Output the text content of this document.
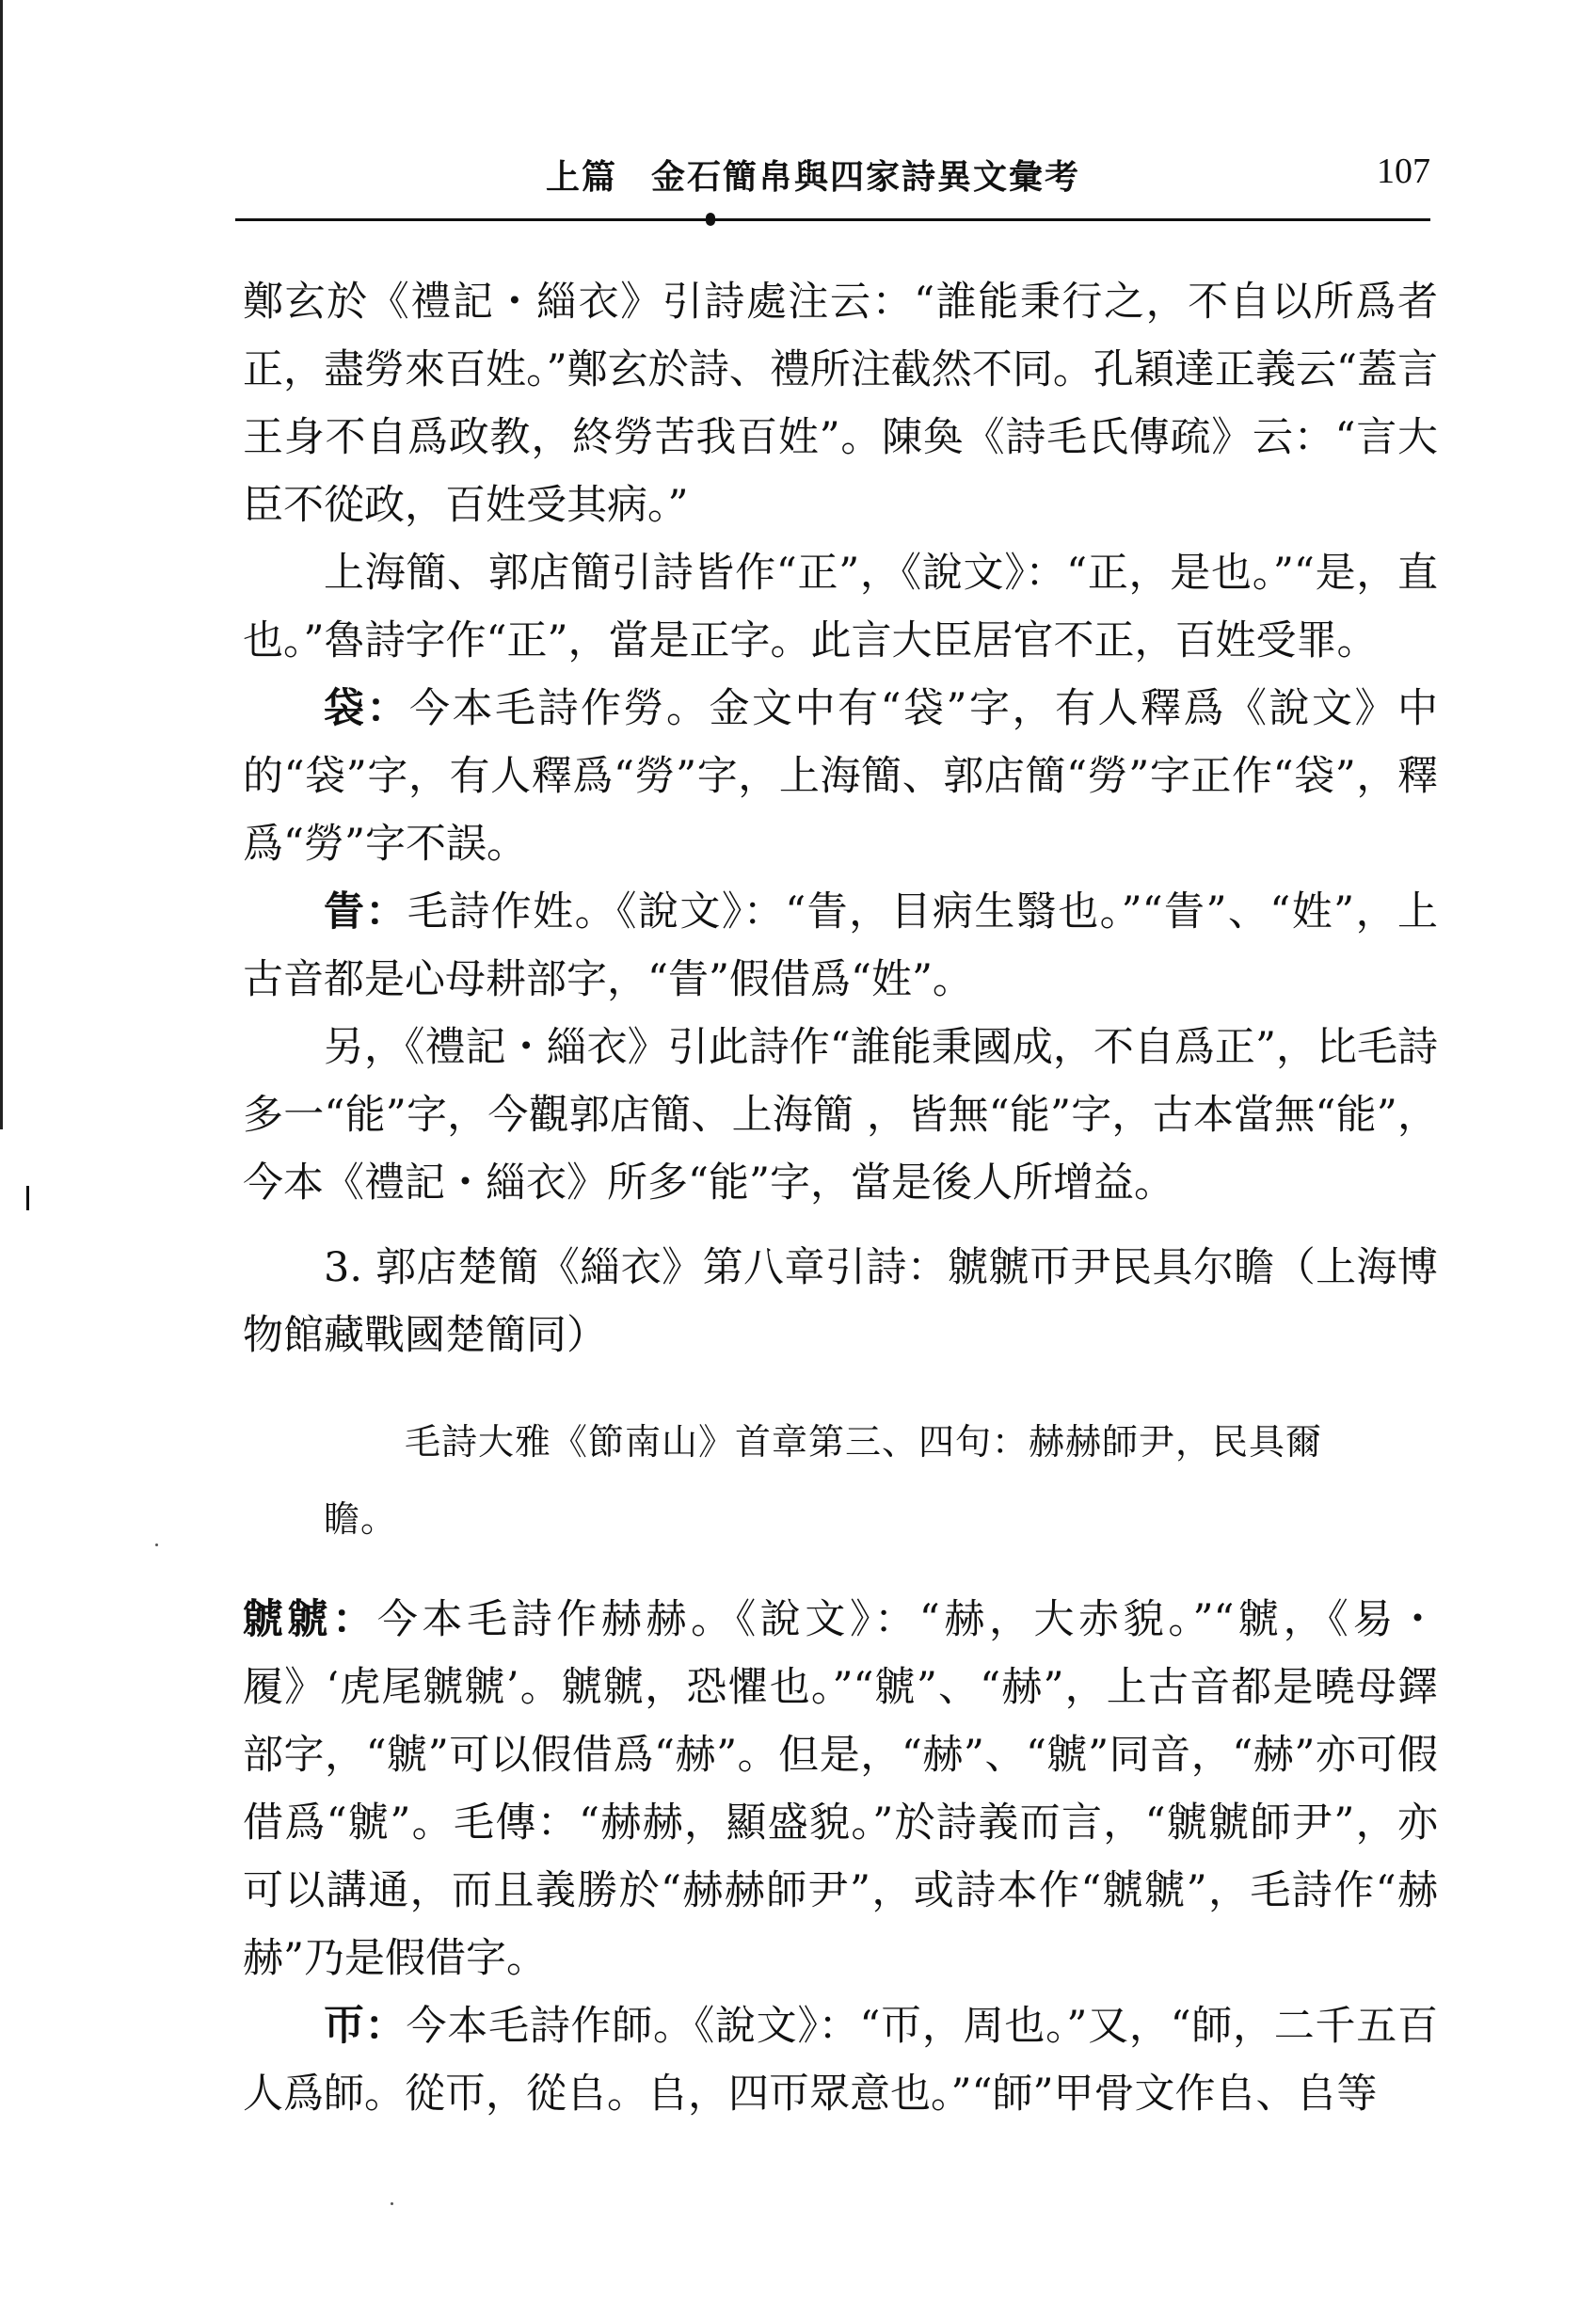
上篇 金石簡帛與四家詩異文彙考	107

鄭玄於《禮記・緇衣》引詩處注云：“誰能秉行之，不自以所爲者正，盡勞來百姓。”鄭玄於詩、禮所注截然不同。孔穎達正義云“蓋言王身不自爲政教，終勞苦我百姓”。陳奐《詩毛氏傳疏》云：“言大臣不從政，百姓受其病。”

上海簡、郭店簡引詩皆作“正”，《說文》：“正，是也。”“是，直也。”魯詩字作“正”，當是正字。此言大臣居官不正，百姓受罪。

袋：今本毛詩作勞。金文中有“袋”字，有人釋爲《說文》中的“袋”字，有人釋爲“勞”字，上海簡、郭店簡“勞”字正作“袋”，釋爲“勞”字不誤。

眚：毛詩作姓。《說文》：“眚，目病生翳也。”“眚”、“姓”，上古音都是心母耕部字，“眚”假借爲“姓”。

另，《禮記・緇衣》引此詩作“誰能秉國成，不自爲正”，比毛詩多一“能”字，今觀郭店簡、上海簡 ，皆無“能”字，古本當無“能”，今本《禮記・緇衣》所多“能”字，當是後人所增益。

3. 郭店楚簡《緇衣》第八章引詩：虩虩帀尹民具尔瞻（上海博物館藏戰國楚簡同）

毛詩大雅《節南山》首章第三、四句：赫赫師尹，民具爾
瞻。

虩虩：今本毛詩作赫赫。《說文》：“赫，大赤貌。”“虩，《易・履》‘虎尾虩虩’。虩虩，恐懼也。”“虩”、“赫”，上古音都是曉母鐸部字，“虩”可以假借爲“赫”。但是，“赫”、“虩”同音，“赫”亦可假借爲“虩”。毛傳：“赫赫，顯盛貌。”於詩義而言，“虩虩師尹”，亦可以講通，而且義勝於“赫赫師尹”，或詩本作“虩虩”，毛詩作“赫赫”乃是假借字。

帀：今本毛詩作師。《說文》：“帀，周也。”又，“師，二千五百人爲師。從帀，從𠂤。𠂤，四帀眾意也。”“師”甲骨文作𠂤、𠂤等
